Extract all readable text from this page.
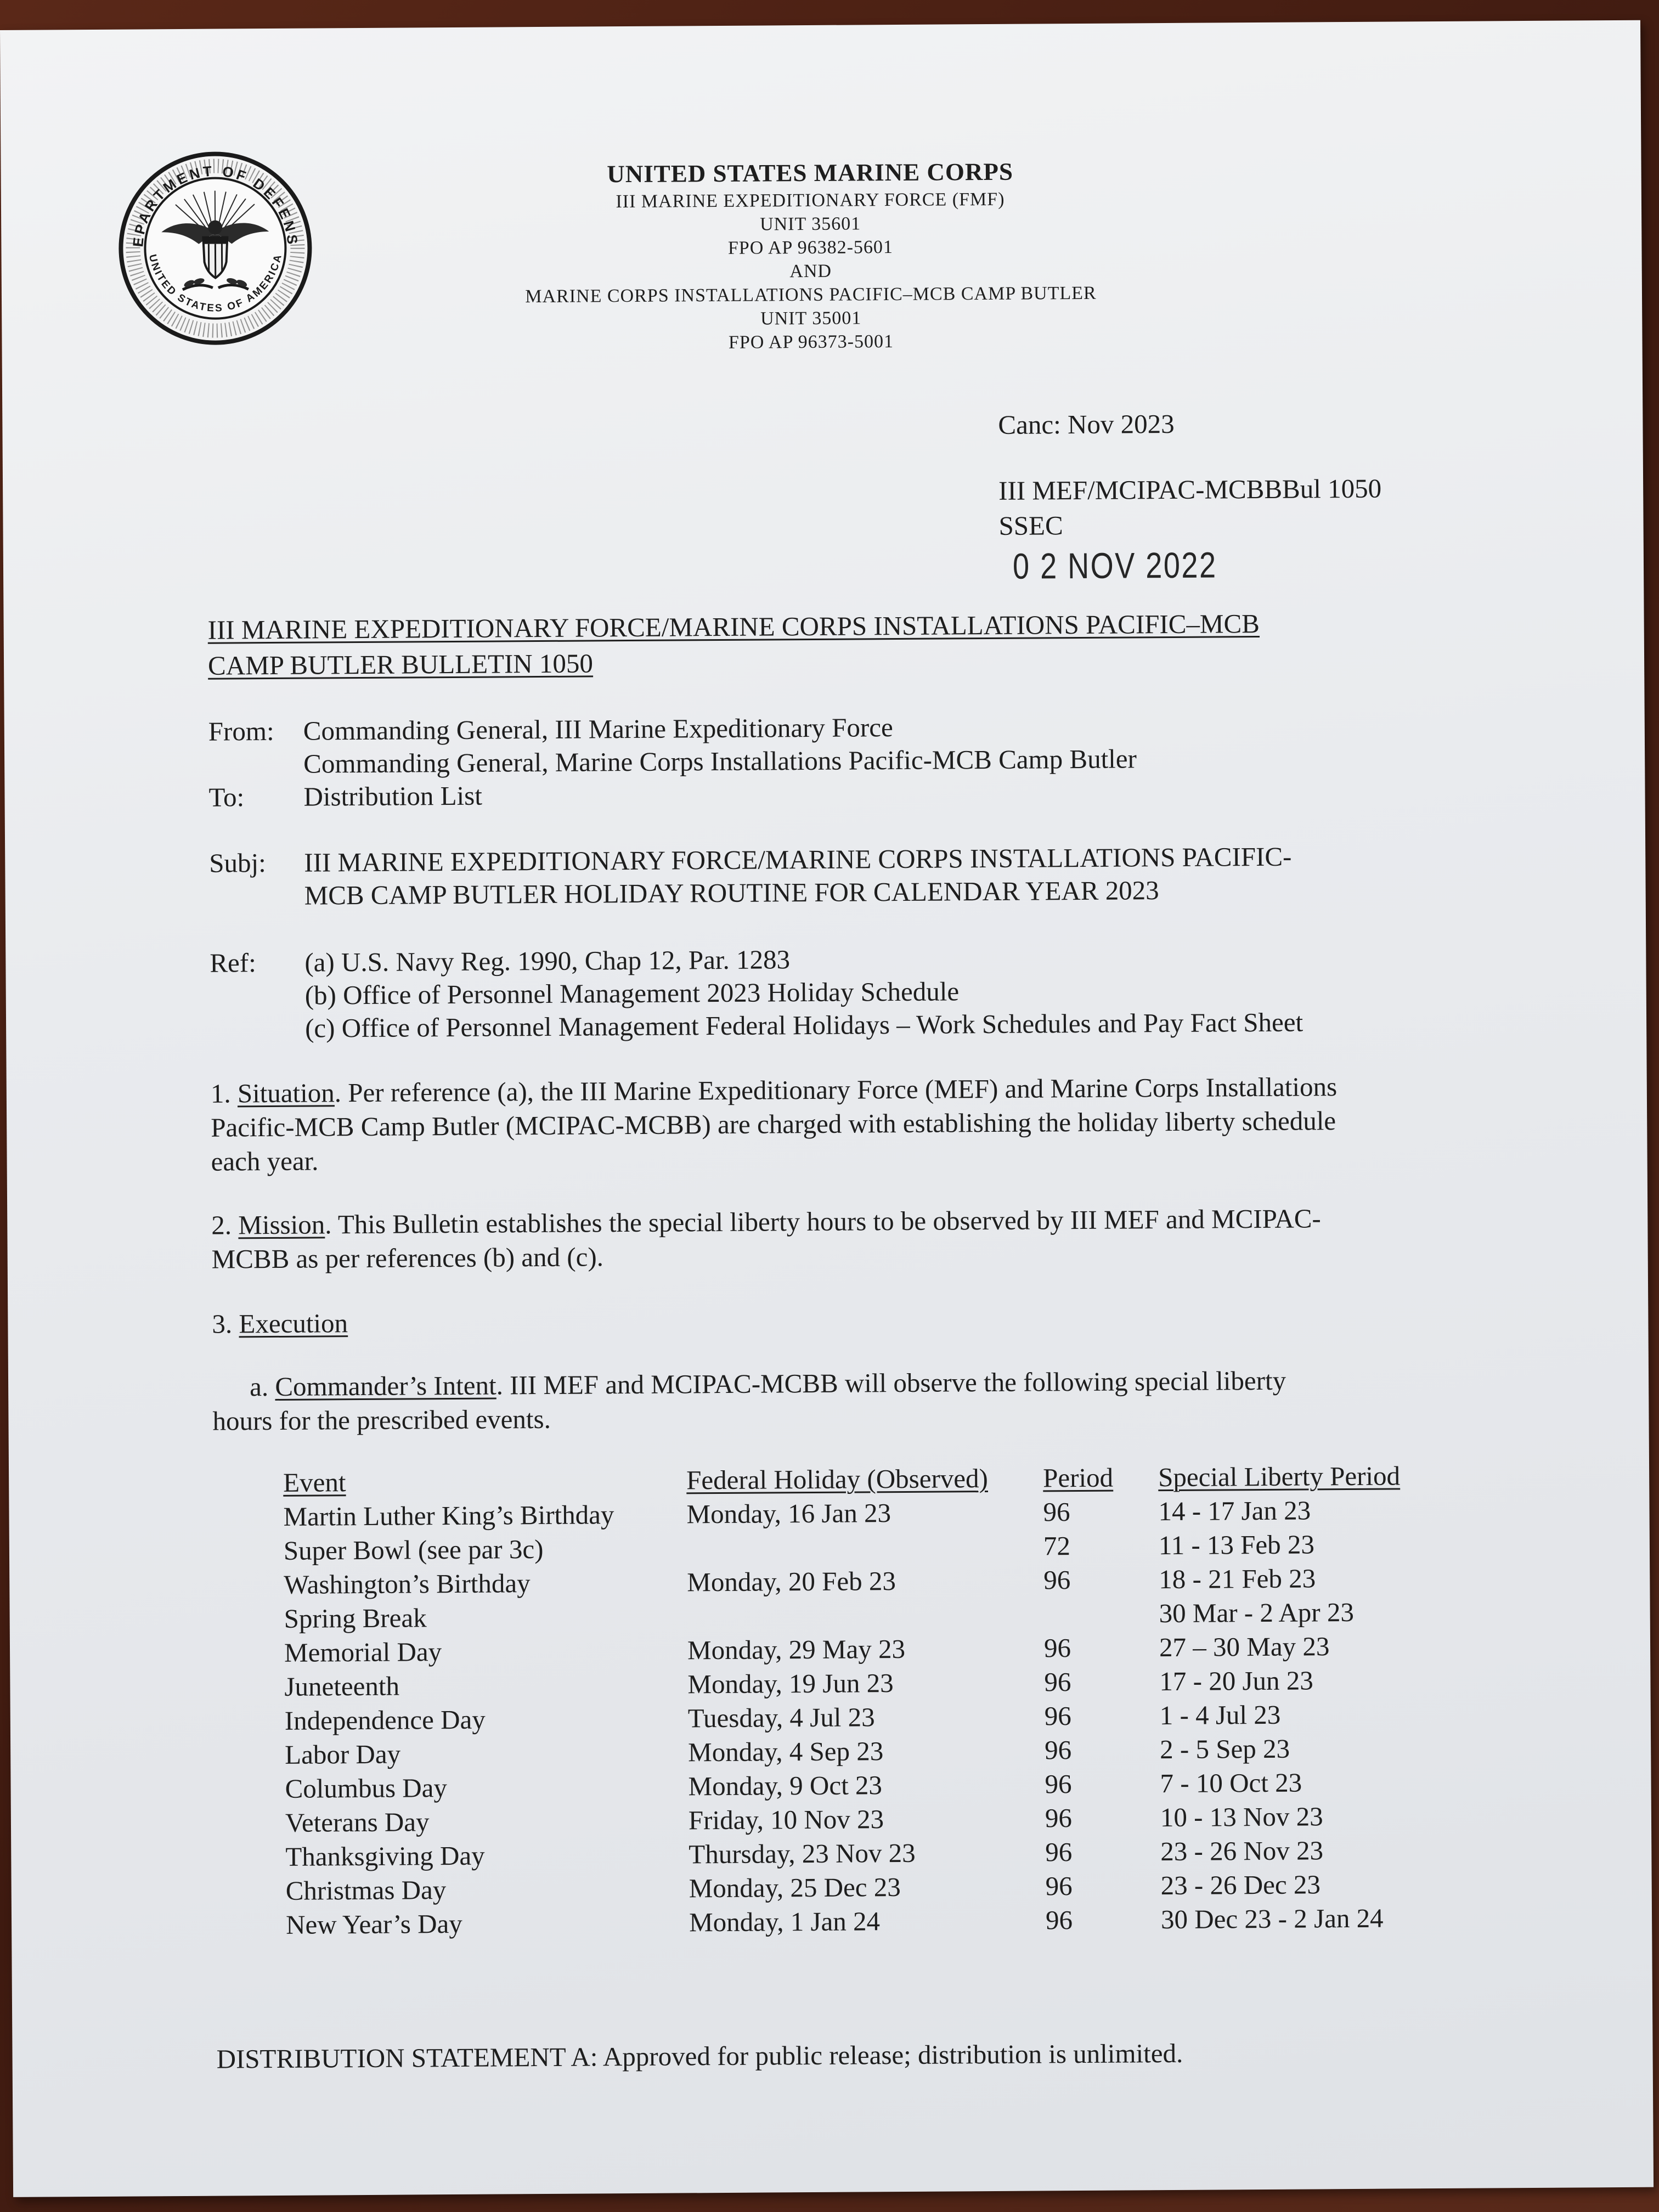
DEPARTMENT OF DEFENSE
UNITED STATES OF AMERICA
UNITED STATES MARINE CORPS
III MARINE EXPEDITIONARY FORCE (FMF)
UNIT 35601
FPO AP 96382-5601
AND
MARINE CORPS INSTALLATIONS PACIFIC–MCB CAMP BUTLER
UNIT 35001
FPO AP 96373-5001
Canc: Nov 2023
III MEF/MCIPAC-MCBBBul 1050
SSEC
0 2 NOV 2022
III MARINE EXPEDITIONARY FORCE/MARINE CORPS INSTALLATIONS PACIFIC–MCB
CAMP BUTLER BULLETIN 1050
From: Commanding General, III Marine Expeditionary Force
Commanding General, Marine Corps Installations Pacific-MCB Camp Butler
To: Distribution List
Subj: III MARINE EXPEDITIONARY FORCE/MARINE CORPS INSTALLATIONS PACIFIC-
MCB CAMP BUTLER HOLIDAY ROUTINE FOR CALENDAR YEAR 2023
Ref: (a) U.S. Navy Reg. 1990, Chap 12, Par. 1283
(b) Office of Personnel Management 2023 Holiday Schedule
(c) Office of Personnel Management Federal Holidays – Work Schedules and Pay Fact Sheet
1. Situation. Per reference (a), the III Marine Expeditionary Force (MEF) and Marine Corps Installations
Pacific-MCB Camp Butler (MCIPAC-MCBB) are charged with establishing the holiday liberty schedule
each year.
2. Mission. This Bulletin establishes the special liberty hours to be observed by III MEF and MCIPAC-
MCBB as per references (b) and (c).
3. Execution
a. Commander’s Intent. III MEF and MCIPAC-MCBB will observe the following special liberty
hours for the prescribed events.
Event	Federal Holiday (Observed)	Period	Special Liberty Period
Martin Luther King’s Birthday	Monday, 16 Jan 23	96	14 - 17 Jan 23
Super Bowl (see par 3c)		72	11 - 13 Feb 23
Washington’s Birthday	Monday, 20 Feb 23	96	18 - 21 Feb 23
Spring Break			30 Mar - 2 Apr 23
Memorial Day	Monday, 29 May 23	96	27 – 30 May 23
Juneteenth	Monday, 19 Jun 23	96	17 - 20 Jun 23
Independence Day	Tuesday, 4 Jul 23	96	1 - 4 Jul 23
Labor Day	Monday, 4 Sep 23	96	2 - 5 Sep 23
Columbus Day	Monday, 9 Oct 23	96	7 - 10 Oct 23
Veterans Day	Friday, 10 Nov 23	96	10 - 13 Nov 23
Thanksgiving Day	Thursday, 23 Nov 23	96	23 - 26 Nov 23
Christmas Day	Monday, 25 Dec 23	96	23 - 26 Dec 23
New Year’s Day	Monday, 1 Jan 24	96	30 Dec 23 - 2 Jan 24
DISTRIBUTION STATEMENT A: Approved for public release; distribution is unlimited.
